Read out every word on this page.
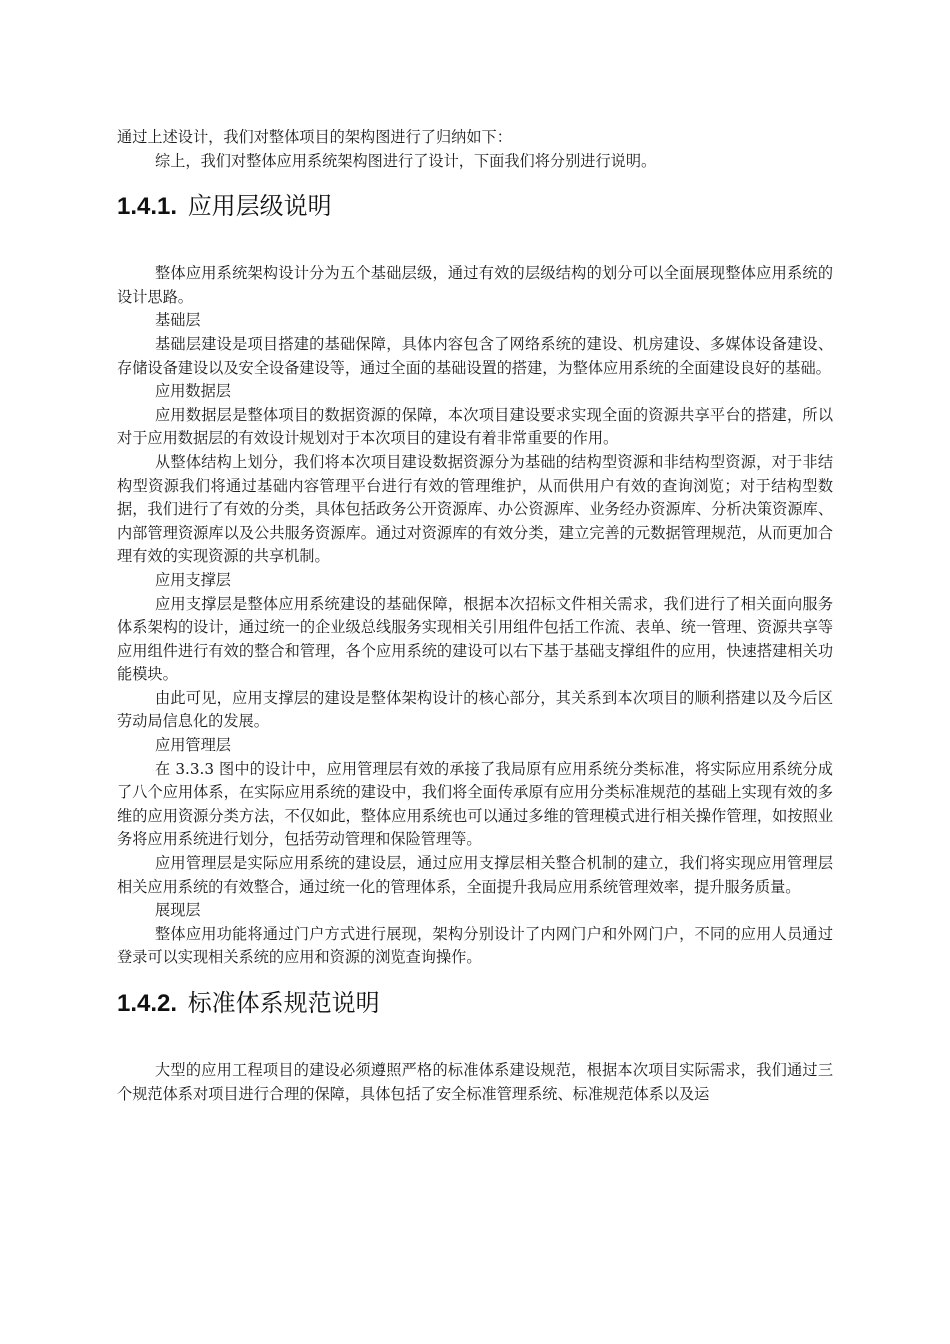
通过上述设计，我们对整体项目的架构图进行了归纳如下：

综上，我们对整体应用系统架构图进行了设计，下面我们将分别进行说明。

1.4.1. 应用层级说明

整体应用系统架构设计分为五个基础层级，通过有效的层级结构的划分可以全面展现整体应用系统的设计思路。

基础层

基础层建设是项目搭建的基础保障，具体内容包含了网络系统的建设、机房建设、多媒体设备建设、存储设备建设以及安全设备建设等，通过全面的基础设置的搭建，为整体应用系统的全面建设良好的基础。

应用数据层

应用数据层是整体项目的数据资源的保障，本次项目建设要求实现全面的资源共享平台的搭建，所以对于应用数据层的有效设计规划对于本次项目的建设有着非常重要的作用。

从整体结构上划分，我们将本次项目建设数据资源分为基础的结构型资源和非结构型资源，对于非结构型资源我们将通过基础内容管理平台进行有效的管理维护，从而供用户有效的查询浏览；对于结构型数据，我们进行了有效的分类，具体包括政务公开资源库、办公资源库、业务经办资源库、分析决策资源库、内部管理资源库以及公共服务资源库。通过对资源库的有效分类，建立完善的元数据管理规范，从而更加合理有效的实现资源的共享机制。

应用支撑层

应用支撑层是整体应用系统建设的基础保障，根据本次招标文件相关需求，我们进行了相关面向服务体系架构的设计，通过统一的企业级总线服务实现相关引用组件包括工作流、表单、统一管理、资源共享等应用组件进行有效的整合和管理，各个应用系统的建设可以右下基于基础支撑组件的应用，快速搭建相关功能模块。

由此可见，应用支撑层的建设是整体架构设计的核心部分，其关系到本次项目的顺利搭建以及今后区劳动局信息化的发展。

应用管理层

在 3.3.3 图中的设计中，应用管理层有效的承接了我局原有应用系统分类标准，将实际应用系统分成了八个应用体系，在实际应用系统的建设中，我们将全面传承原有应用分类标准规范的基础上实现有效的多维的应用资源分类方法，不仅如此，整体应用系统也可以通过多维的管理模式进行相关操作管理，如按照业务将应用系统进行划分，包括劳动管理和保险管理等。

应用管理层是实际应用系统的建设层，通过应用支撑层相关整合机制的建立，我们将实现应用管理层相关应用系统的有效整合，通过统一化的管理体系，全面提升我局应用系统管理效率，提升服务质量。

展现层

整体应用功能将通过门户方式进行展现，架构分别设计了内网门户和外网门户，不同的应用人员通过登录可以实现相关系统的应用和资源的浏览查询操作。

1.4.2. 标准体系规范说明

大型的应用工程项目的建设必须遵照严格的标准体系建设规范，根据本次项目实际需求，我们通过三个规范体系对项目进行合理的保障，具体包括了安全标准管理系统、标准规范体系以及运
